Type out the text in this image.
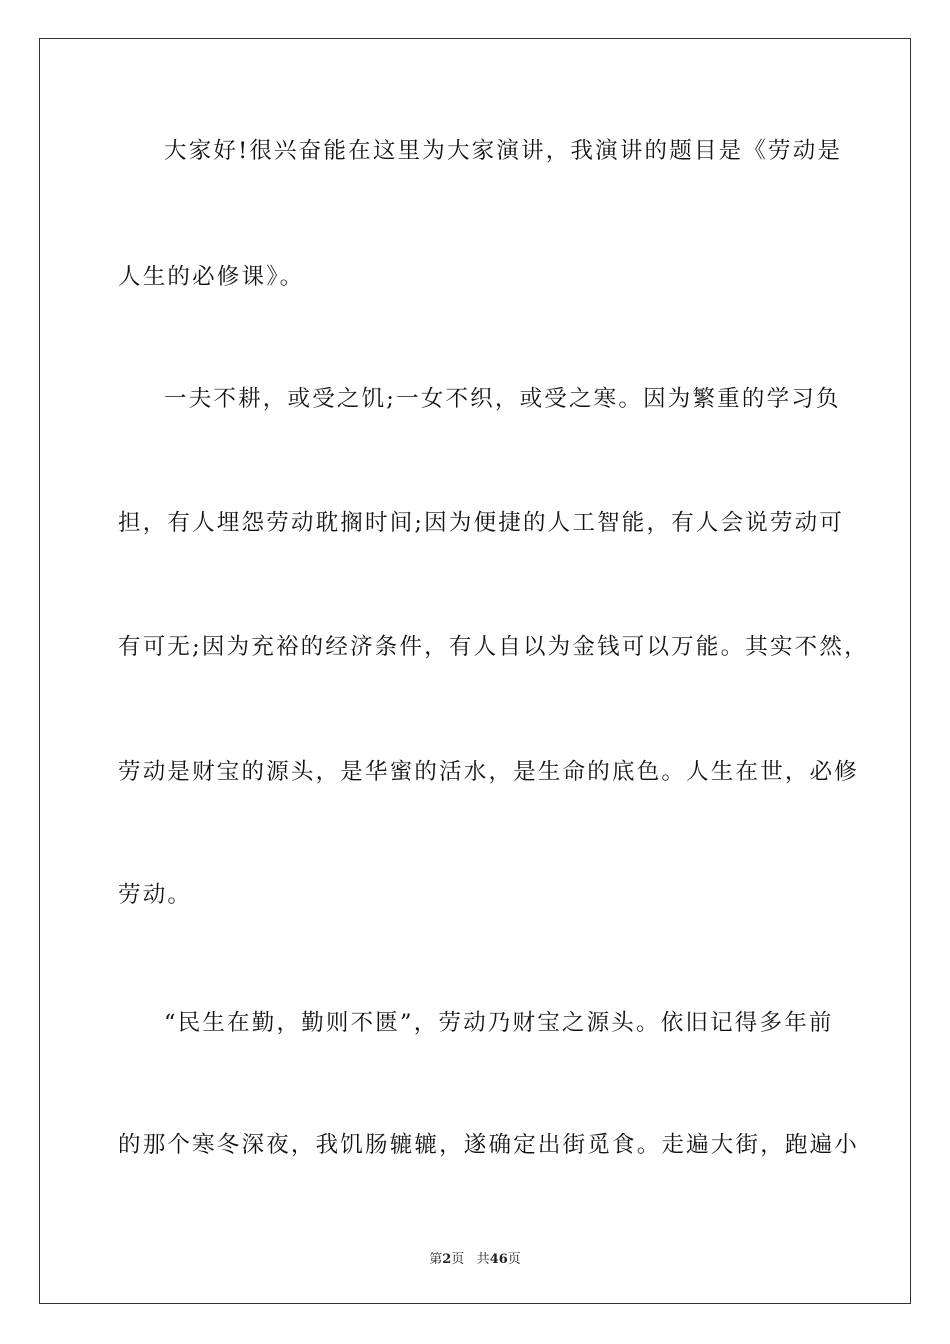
大家好!很兴奋能在这里为大家演讲，我演讲的题目是《劳动是
人生的必修课》。
一夫不耕，或受之饥;一女不织，或受之寒。因为繁重的学习负
担，有人埋怨劳动耽搁时间;因为便捷的人工智能，有人会说劳动可
有可无;因为充裕的经济条件，有人自以为金钱可以万能。其实不然，
劳动是财宝的源头，是华蜜的活水，是生命的底色。人生在世，必修
劳动。
“民生在勤，勤则不匮”，劳动乃财宝之源头。依旧记得多年前
的那个寒冬深夜，我饥肠辘辘，遂确定出街觅食。走遍大街，跑遍小
第2页 共46页
